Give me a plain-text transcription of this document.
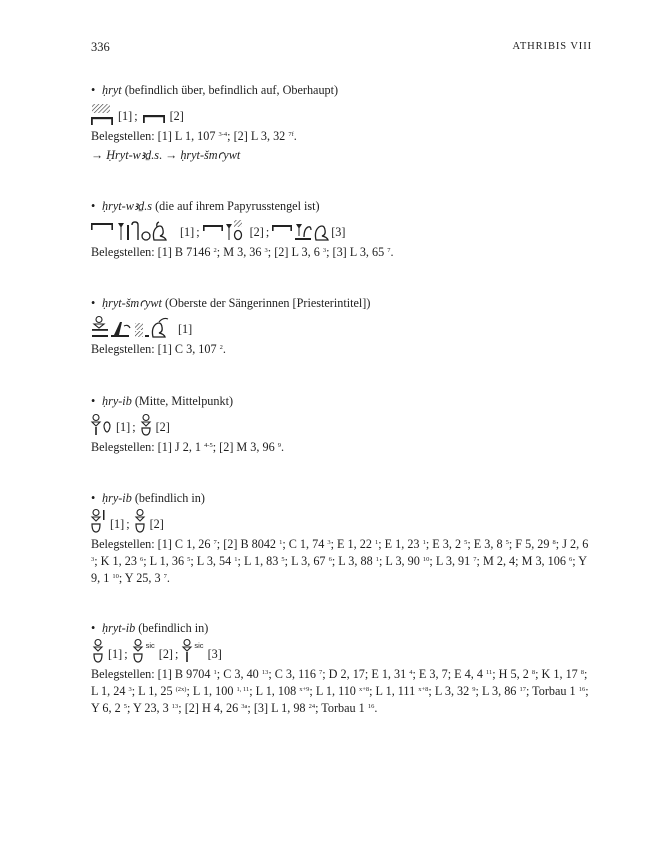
336	ATHRIBIS VIII
• ḥryt (befindlich über, befindlich auf, Oberhaupt)
[1] ;	[2]
Belegstellen: [1] L 1, 107 $^{3-4}$; [2] L 3, 32 $^{7f}$.
→ Ḥryt-wꜣḏ.s. → ḥryt-šmꜥywt
• ḥryt-wꜣḏ.s (die auf ihrem Papyrusstengel ist)
[1] ;	[2] ;	[3]
Belegstellen: [1] B 7146 $^2$; M 3, 36 $^3$; [2] L 3, 6 $^3$; [3] L 3, 65 $^7$.
• ḥryt-šmꜥywt (Oberste der Sängerinnen [Priesterintitel])
[1]
Belegstellen: [1] C 3, 107 $^2$.
• ḥry-ib (Mitte, Mittelpunkt)
[1] ; [2]
Belegstellen: [1] J 2, 1 $^{4-5}$; [2] M 3, 96 $^9$.
• ḥry-ib (befindlich in)
[1] ; [2]
Belegstellen: [1] C 1, 26 $^7$; [2] B 8042 $^1$; C 1, 74 $^3$; E 1, 22 $^1$; E 1, 23 $^1$; E 3, 2 $^5$; E 3, 8 $^5$; F 5, 29 $^8$; J 2, 6 $^3$; K 1, 23 $^6$; L 1, 36 $^5$; L 3, 54 $^1$; L 1, 83 $^5$; L 3, 67 $^6$; L 3, 88 $^1$; L 3, 90 $^{10}$; L 3, 91 $^7$; M 2, 4; M 3, 106 $^6$; Y 9, 1 $^{10}$; Y 25, 3 $^7$.
• ḥryt-ib (befindlich in)
[1] ;
sic
[2] ;
sic
[3]
Belegstellen: [1] B 9704 $^1$; C 3, 40 $^{13}$; C 3, 116 $^7$; D 2, 17; E 1, 31 $^4$; E 3, 7; E 4, 4 $^{11}$; H 5, 2 $^8$; K 1, 17 $^8$; L 1, 24 $^3$; L 1, 25 $^{(2x)}$; L 1, 100 $^{1, 11}$; L 1, 108 $^{x+9}$; L 1, 110 $^{x+8}$; L 1, 111 $^{x+8}$; L 3, 32 $^9$; L 3, 86 $^{17}$; Torbau 1 $^{16}$; Y 6, 2 $^5$; Y 23, 3 $^{13}$; [2] H 4, 26 $^{3a}$; [3] L 1, 98 $^{24}$; Torbau 1 $^{16}$.
